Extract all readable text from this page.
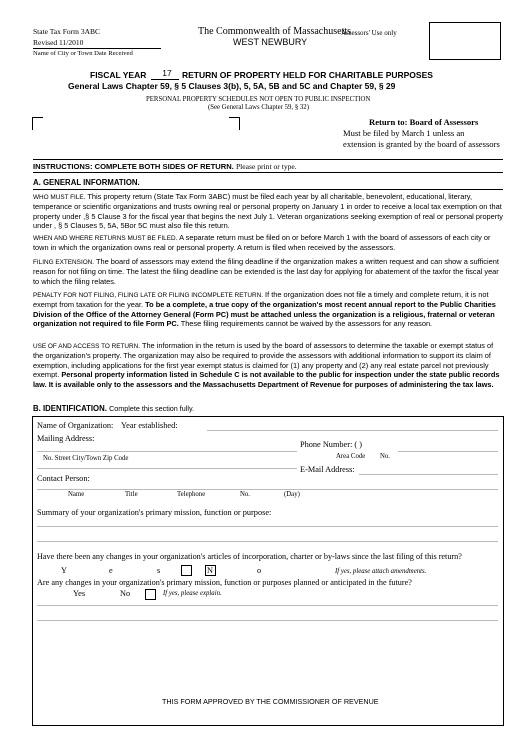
State Tax Form 3ABC
Revised 11/2010
Name of City or Town Date Received
The Commonwealth of Massachusetts
Assessors' Use only
WEST NEWBURY
FISCAL YEAR	17	RETURN OF PROPERTY HELD FOR CHARITABLE PURPOSES
General Laws Chapter 59, § 5 Clauses 3(b), 5, 5A, 5B and 5C and Chapter 59, § 29
PERSONAL PROPERTY SCHEDULES NOT OPEN TO PUBLIC INSPECTION
(See General Laws Chapter 59, § 32)
Return to: Board of Assessors
Must be filed by March 1 unless an
extension is granted by the board of assessors
INSTRUCTIONS: COMPLETE BOTH SIDES OF RETURN. Please print or type.
A. GENERAL INFORMATION.
WHO MUST FILE. This property return (State Tax Form 3ABC) must be filed each year by all charitable, benevolent, educational, literary, temperance or scientific organizations and trusts owning real or personal property on January 1 in order to receive a local tax exemption on that property under ,§ 5 Clause 3 for the fiscal year that begins the next July 1. Veteran organizations seeking exemption of real or personal property under , § 5 Clauses 5, 5A, 5Bor 5C must also file this return.
WHEN AND WHERE RETURNS MUST BE FILED. A separate return must be filed on or before March 1 with the board of assessors of each city or town in which the organization owns real or personal property. A return is filed when received by the assessors.
FILING EXTENSION. The board of assessors may extend the filing deadline if the organization makes a written request and can show a sufficient reason for not filing on time. The latest the filing deadline can be extended is the last day for applying for abatement of the taxfor the fiscal year to which the filing relates.
PENALTY FOR NOT FILING, FILING LATE OR FILING INCOMPLETE RETURN. If the organization does not file a timely and complete return, it is not exempt from taxation for the year. To be a complete, a true copy of the organization's most recent annual report to the Public Charities Division of the Office of the Attorney General (Form PC) must be attached unless the organization is a religious, fraternal or veteran organization not required to file Form PC. These filing requirements cannot be waived by the assessors for any reason.
USE OF AND ACCESS TO RETURN. The information in the return is used by the board of assessors to determine the taxable or exempt status of the organization's property. The organization may also be required to provide the assessors with additional information to support its claim of exemption, including applications for the first year exempt status is claimed for (1) any property and (2) any real estate parcel not previously exempt. Personal property information listed in Schedule C is not available to the public for inspection under the state public records law. It is available only to the assessors and the Massachusetts Department of Revenue for purposes of administering the tax laws.
B. IDENTIFICATION. Complete this section fully.
Name of Organization: Year established:
Mailing Address:
Phone Number: ( )
No. Street City/Town Zip Code	Area Code No.
E-Mail Address:
Contact Person:
Name	Title	Telephone	No.	(Day)
Summary of your organization's primary mission, function or purpose:
Have there been any changes in your organization's articles of incorporation, charter or by-laws since the last filing of this return?
Y	e	s	N	o	If yes, please attach amendments.
Are any changes in your organization's primary mission, function or purposes planned or anticipated in the future?
Yes	No	If yes, please explain.
THIS FORM APPROVED BY THE COMMISSIONER OF REVENUE
